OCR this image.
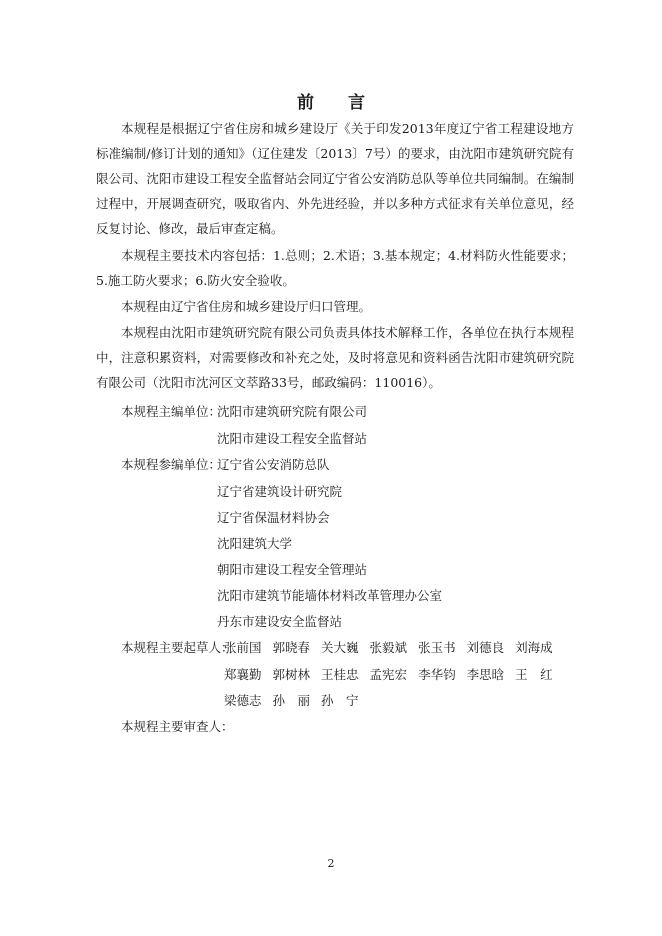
前 言
本规程是根据辽宁省住房和城乡建设厅《关于印发2013年度辽宁省工程建设地方标准编制/修订计划的通知》（辽住建发〔2013〕7号）的要求，由沈阳市建筑研究院有限公司、沈阳市建设工程安全监督站会同辽宁省公安消防总队等单位共同编制。在编制过程中，开展调查研究，吸取省内、外先进经验，并以多种方式征求有关单位意见，经反复讨论、修改，最后审查定稿。
本规程主要技术内容包括：1.总则；2.术语；3.基本规定；4.材料防火性能要求；5.施工防火要求；6.防火安全验收。
本规程由辽宁省住房和城乡建设厅归口管理。
本规程由沈阳市建筑研究院有限公司负责具体技术解释工作，各单位在执行本规程中，注意积累资料，对需要修改和补充之处，及时将意见和资料函告沈阳市建筑研究院有限公司（沈阳市沈河区文萃路33号，邮政编码：110016）。
本规程主编单位：
沈阳市建筑研究院有限公司
沈阳市建设工程安全监督站
本规程参编单位：
辽宁省公安消防总队
辽宁省建筑设计研究院
辽宁省保温材料协会
沈阳建筑大学
朝阳市建设工程安全管理站
沈阳市建筑节能墙体材料改革管理办公室
丹东市建设安全监督站
本规程主要起草人：
张前国 郭晓春 关大巍 张毅斌 张玉书 刘德良 刘海成
郑襄勤 郭树林 王桂忠 孟宪宏 李华钧 李思晗 王　红
梁德志 孙　丽 孙　宁
本规程主要审查人：
2
